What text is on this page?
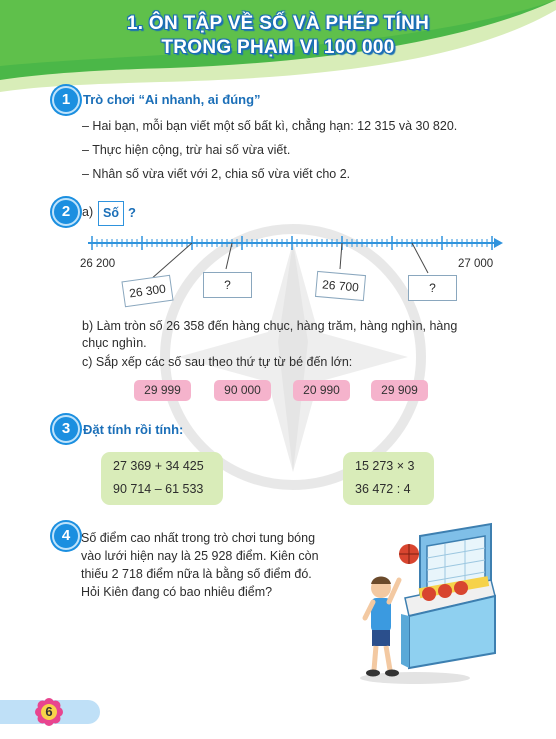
1. ÔN TẬP VỀ SỐ VÀ PHÉP TÍNH
TRONG PHẠM VI 100 000
1 Trò chơi “Ai nhanh, ai đúng”
– Hai bạn, mỗi bạn viết một số bất kì, chẳng hạn: 12 315 và 30 820.
– Thực hiện cộng, trừ hai số vừa viết.
– Nhân số vừa viết với 2, chia số vừa viết cho 2.
2 a) Số ?
26 200	27 000
26 300	?	26 700	?
b) Làm tròn số 26 358 đến hàng chục, hàng trăm, hàng nghìn, hàng
chục nghìn.
c) Sắp xếp các số sau theo thứ tự từ bé đến lớn:
29 999	90 000	20 990	29 909
3 Đặt tính rồi tính:
27 369 + 34 425
90 714 – 61 533
15 273 × 3
36 472 : 4
4 Số điểm cao nhất trong trò chơi tung bóng
vào lưới hiện nay là 25 928 điểm. Kiên còn
thiếu 2 718 điểm nữa là bằng số điểm đó.
Hỏi Kiên đang có bao nhiêu điểm?
6
